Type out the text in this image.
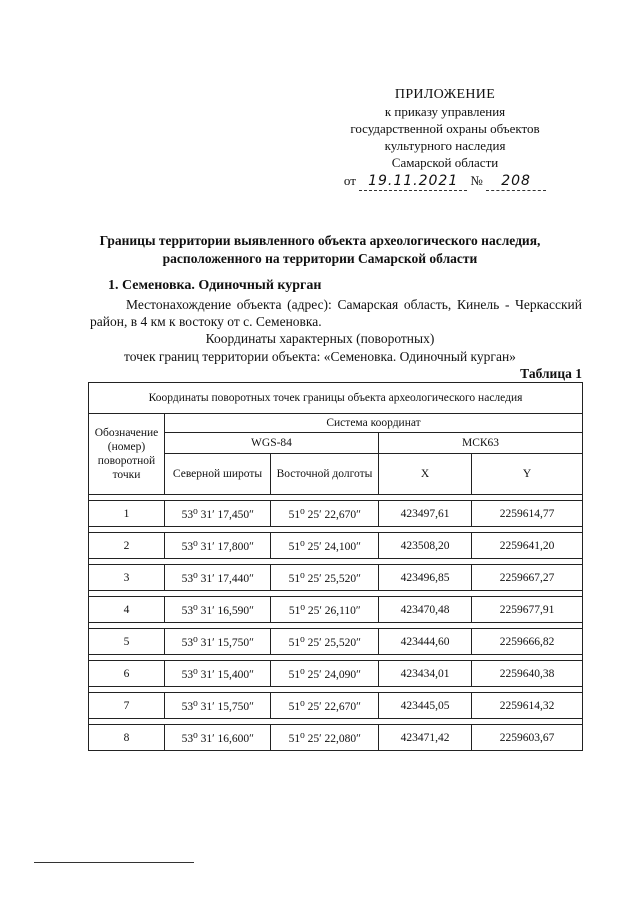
ПРИЛОЖЕНИЕ
к приказу управления
государственной охраны объектов
культурного наследия
Самарской области
от 19.11.2021 № 208
Границы территории выявленного объекта археологического наследия,
расположенного на территории Самарской области
1. Семеновка. Одиночный курган
Местонахождение объекта (адрес): Самарская область, Кинель - Черкасский район, в 4 км к востоку от с. Семеновка.
Координаты характерных (поворотных)
точек границ территории объекта: «Семеновка. Одиночный курган»
Таблица 1
Координаты поворотных точек границы объекта археологического наследия				
Обозначение (номер) поворотной точки	Система координат			
	WGS-84		МСК63	
	Северной широты	Восточной долготы	X	Y

1	53⁰ 31ʹ 17,450ʺ	51⁰ 25ʹ 22,670ʺ	423497,61	2259614,77

2	53⁰ 31ʹ 17,800ʺ	51⁰ 25ʹ 24,100ʺ	423508,20	2259641,20

3	53⁰ 31ʹ 17,440ʺ	51⁰ 25ʹ 25,520ʺ	423496,85	2259667,27

4	53⁰ 31ʹ 16,590ʺ	51⁰ 25ʹ 26,110ʺ	423470,48	2259677,91

5	53⁰ 31ʹ 15,750ʺ	51⁰ 25ʹ 25,520ʺ	423444,60	2259666,82

6	53⁰ 31ʹ 15,400ʺ	51⁰ 25ʹ 24,090ʺ	423434,01	2259640,38

7	53⁰ 31ʹ 15,750ʺ	51⁰ 25ʹ 22,670ʺ	423445,05	2259614,32

8	53⁰ 31ʹ 16,600ʺ	51⁰ 25ʹ 22,080ʺ	423471,42	2259603,67
